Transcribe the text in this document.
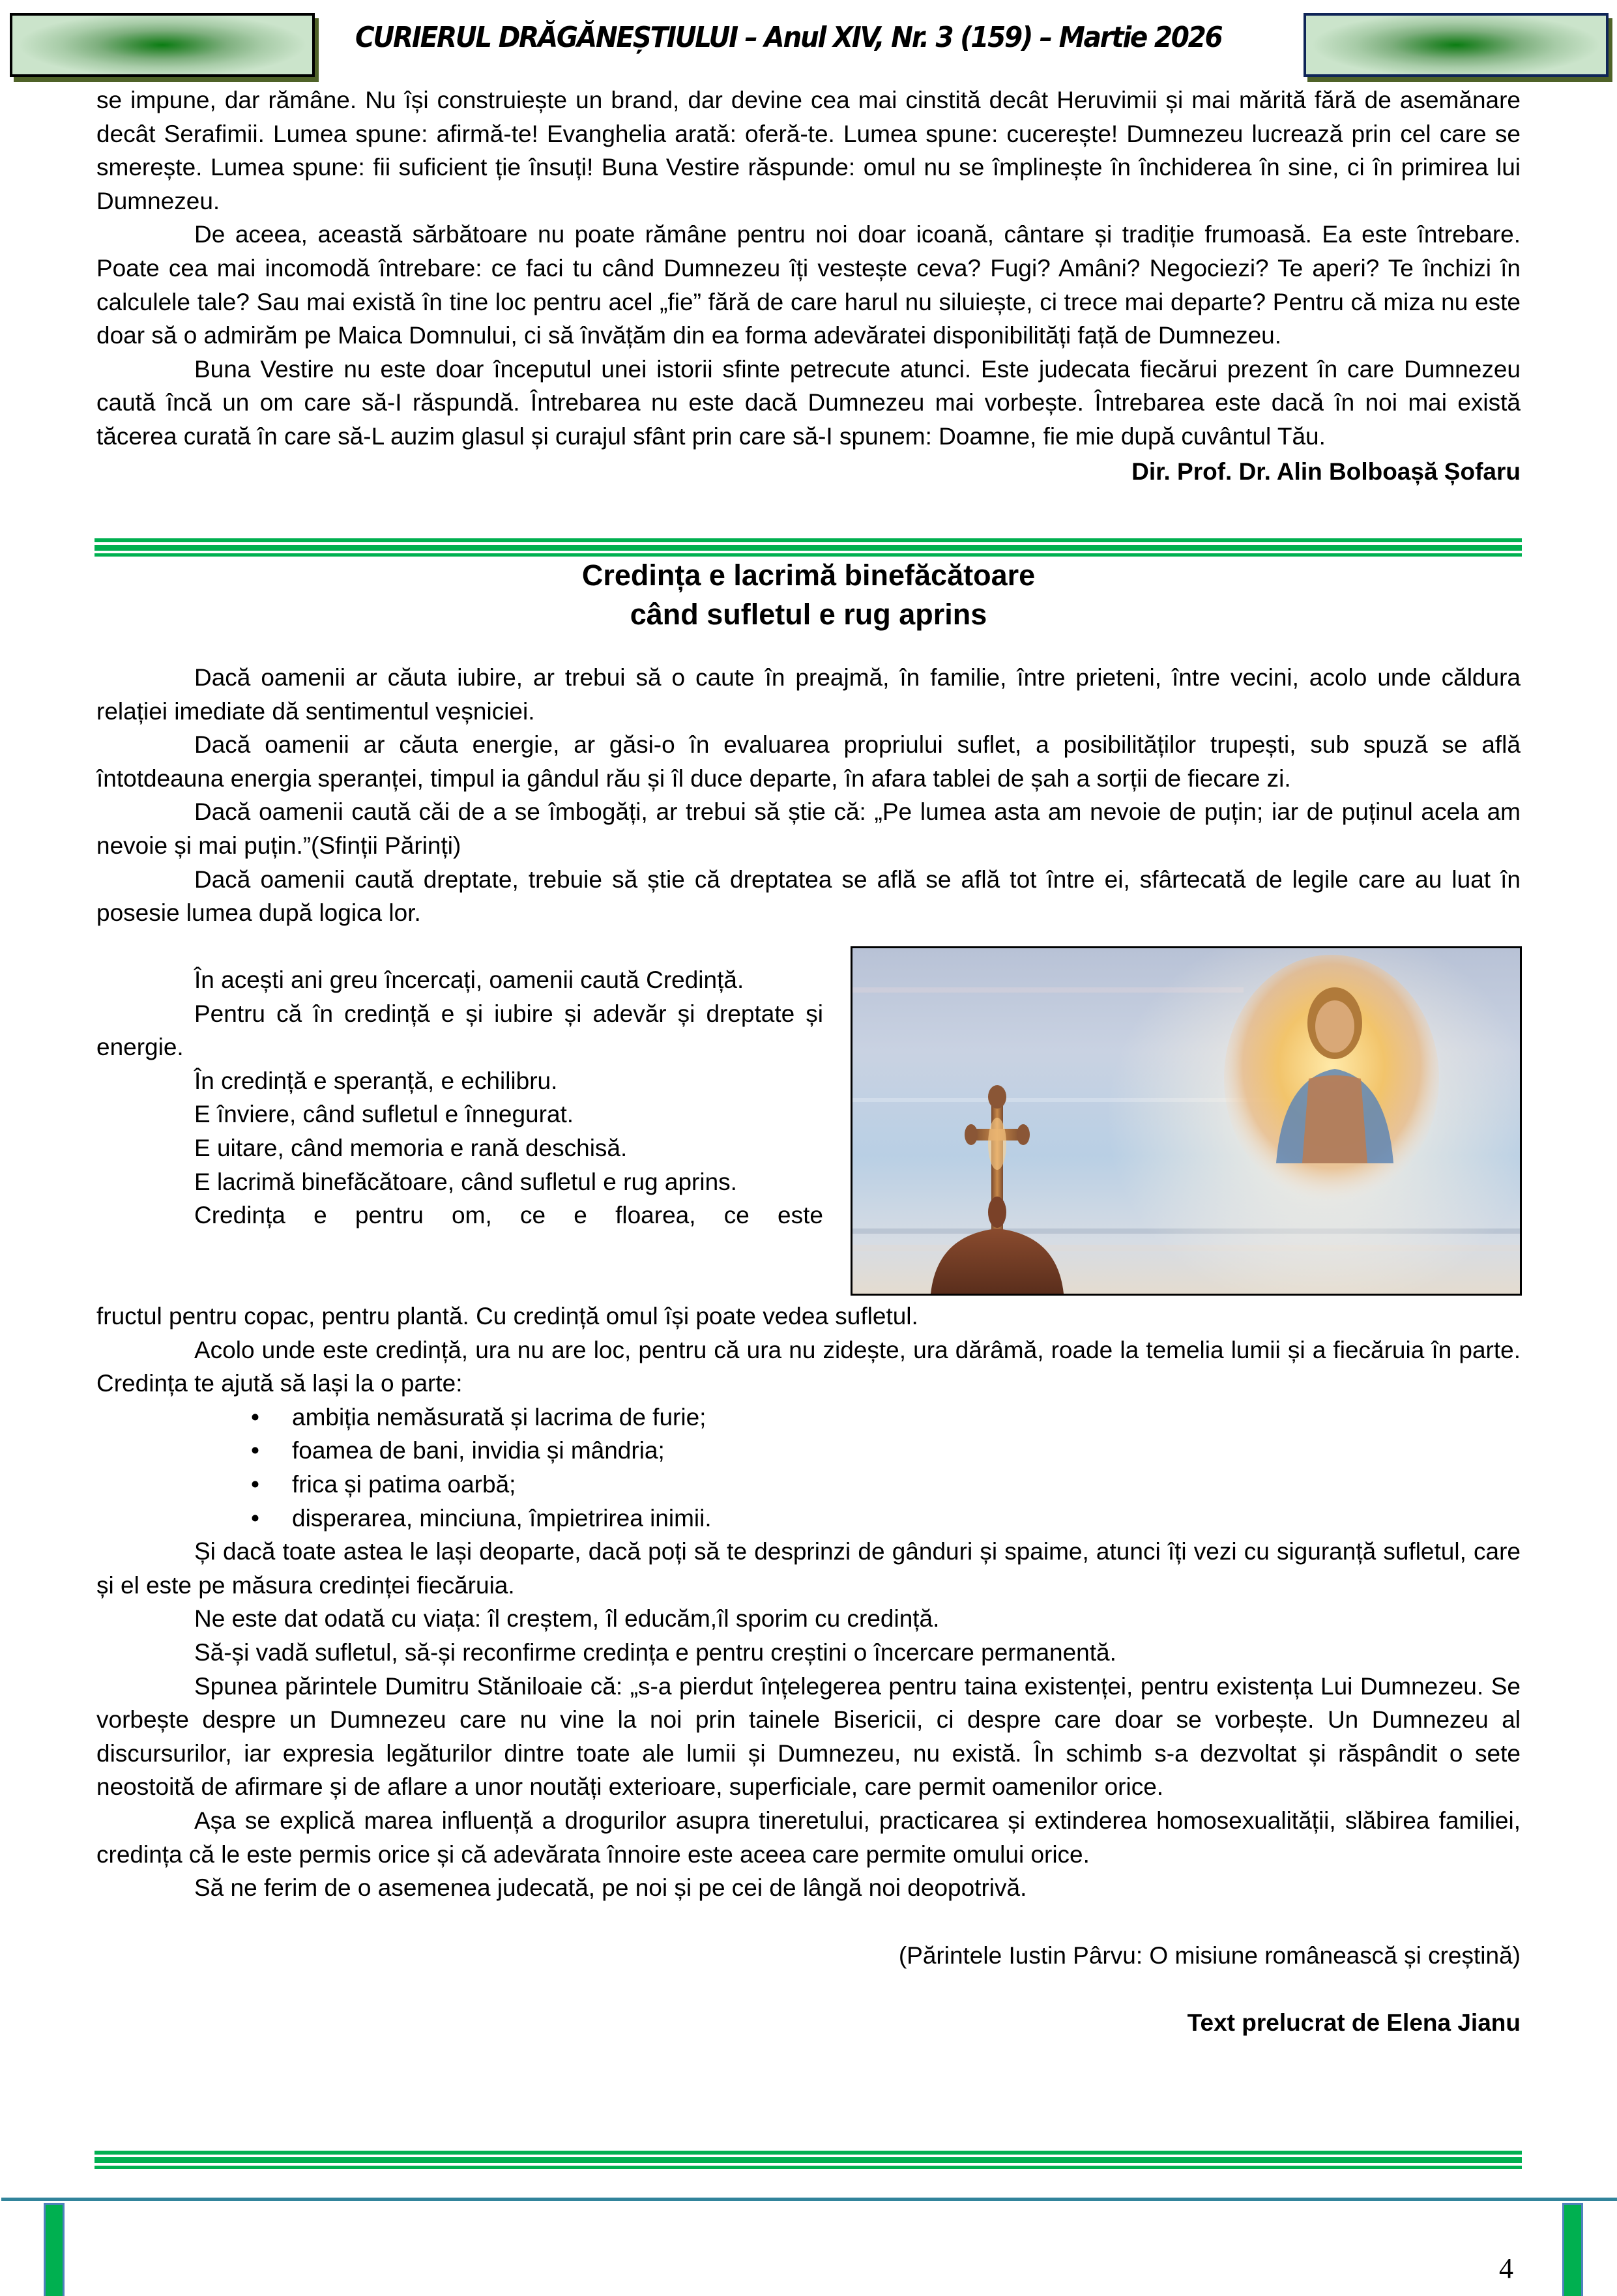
CURIERUL DRĂGĂNEȘTIULUI – Anul XIV, Nr. 3 (159) – Martie 2026

se impune, dar rămâne. Nu își construiește un brand, dar devine cea mai cinstită decât Heruvimii și mai mărită fără de asemănare decât Serafimii. Lumea spune: afirmă-te! Evanghelia arată: oferă-te. Lumea spune: cucerește! Dumnezeu lucrează prin cel care se smerește. Lumea spune: fii suficient ție însuți! Buna Vestire răspunde: omul nu se împlinește în închiderea în sine, ci în primirea lui Dumnezeu.

De aceea, această sărbătoare nu poate rămâne pentru noi doar icoană, cântare și tradiție frumoasă. Ea este întrebare. Poate cea mai incomodă întrebare: ce faci tu când Dumnezeu îți vestește ceva? Fugi? Amâni? Negociezi? Te aperi? Te închizi în calculele tale? Sau mai există în tine loc pentru acel „fie” fără de care harul nu siluiește, ci trece mai departe? Pentru că miza nu este doar să o admirăm pe Maica Domnului, ci să învățăm din ea forma adevăratei disponibilități față de Dumnezeu.

Buna Vestire nu este doar începutul unei istorii sfinte petrecute atunci. Este judecata fiecărui prezent în care Dumnezeu caută încă un om care să-I răspundă. Întrebarea nu este dacă Dumnezeu mai vorbește. Întrebarea este dacă în noi mai există tăcerea curată în care să-L auzim glasul și curajul sfânt prin care să-I spunem: Doamne, fie mie după cuvântul Tău.

Dir. Prof. Dr. Alin Bolboașă Șofaru

Credința e lacrimă binefăcătoare
când sufletul e rug aprins

Dacă oamenii ar căuta iubire, ar trebui să o caute în preajmă, în familie, între prieteni, între vecini, acolo unde căldura relației imediate dă sentimentul veșniciei.

Dacă oamenii ar căuta energie, ar găsi-o în evaluarea propriului suflet, a posibilităților trupești, sub spuză se află întotdeauna energia speranței, timpul ia gândul rău și îl duce departe, în afara tablei de șah a sorții de fiecare zi.

Dacă oamenii caută căi de a se îmbogăți, ar trebui să știe că: „Pe lumea asta am nevoie de puțin; iar de puținul acela am nevoie și mai puțin.”(Sfinții Părinți)

Dacă oamenii caută dreptate, trebuie să știe că dreptatea se află se află tot între ei, sfârtecată de legile care au luat în posesie lumea după logica lor.

În acești ani greu încercați, oamenii caută Credință.

Pentru că în credință e și iubire și adevăr și dreptate și energie.

În credință e speranță, e echilibru.

E înviere, când sufletul e înnegurat.

E uitare, când memoria e rană deschisă.

E lacrimă binefăcătoare, când sufletul e rug aprins.

Credința e pentru om, ce e floarea, ce este

fructul pentru copac, pentru plantă. Cu credință omul își poate vedea sufletul.

Acolo unde este credință, ura nu are loc, pentru că ura nu zidește, ura dărâmă, roade la temelia lumii și a fiecăruia în parte. Credința te ajută să lași la o parte:

• ambiția nemăsurată și lacrima de furie;
• foamea de bani, invidia și mândria;
• frica și patima oarbă;
• disperarea, minciuna, împietrirea inimii.

Și dacă toate astea le lași deoparte, dacă poți să te desprinzi de gânduri și spaime, atunci îți vezi cu siguranță sufletul, care și el este pe măsura credinței fiecăruia.

Ne este dat odată cu viața: îl creștem, îl educăm,îl sporim cu credință.

Să-și vadă sufletul, să-și reconfirme credința e pentru creștini o încercare permanentă.

Spunea părintele Dumitru Stăniloaie că: „s-a pierdut înțelegerea pentru taina existenței, pentru existența Lui Dumnezeu. Se vorbește despre un Dumnezeu care nu vine la noi prin tainele Bisericii, ci despre care doar se vorbește. Un Dumnezeu al discursurilor, iar expresia legăturilor dintre toate ale lumii și Dumnezeu, nu există. În schimb s-a dezvoltat și răspândit o sete neostoită de afirmare și de aflare a unor noutăți exterioare, superficiale, care permit oamenilor orice.

Așa se explică marea influență a drogurilor asupra tineretului, practicarea și extinderea homosexualității, slăbirea familiei, credința că le este permis orice și că adevărata înnoire este aceea care permite omului orice.

Să ne ferim de o asemenea judecată, pe noi și pe cei de lângă noi deopotrivă.

(Părintele Iustin Pârvu: O misiune românească și creștină)

Text prelucrat de Elena Jianu

4
